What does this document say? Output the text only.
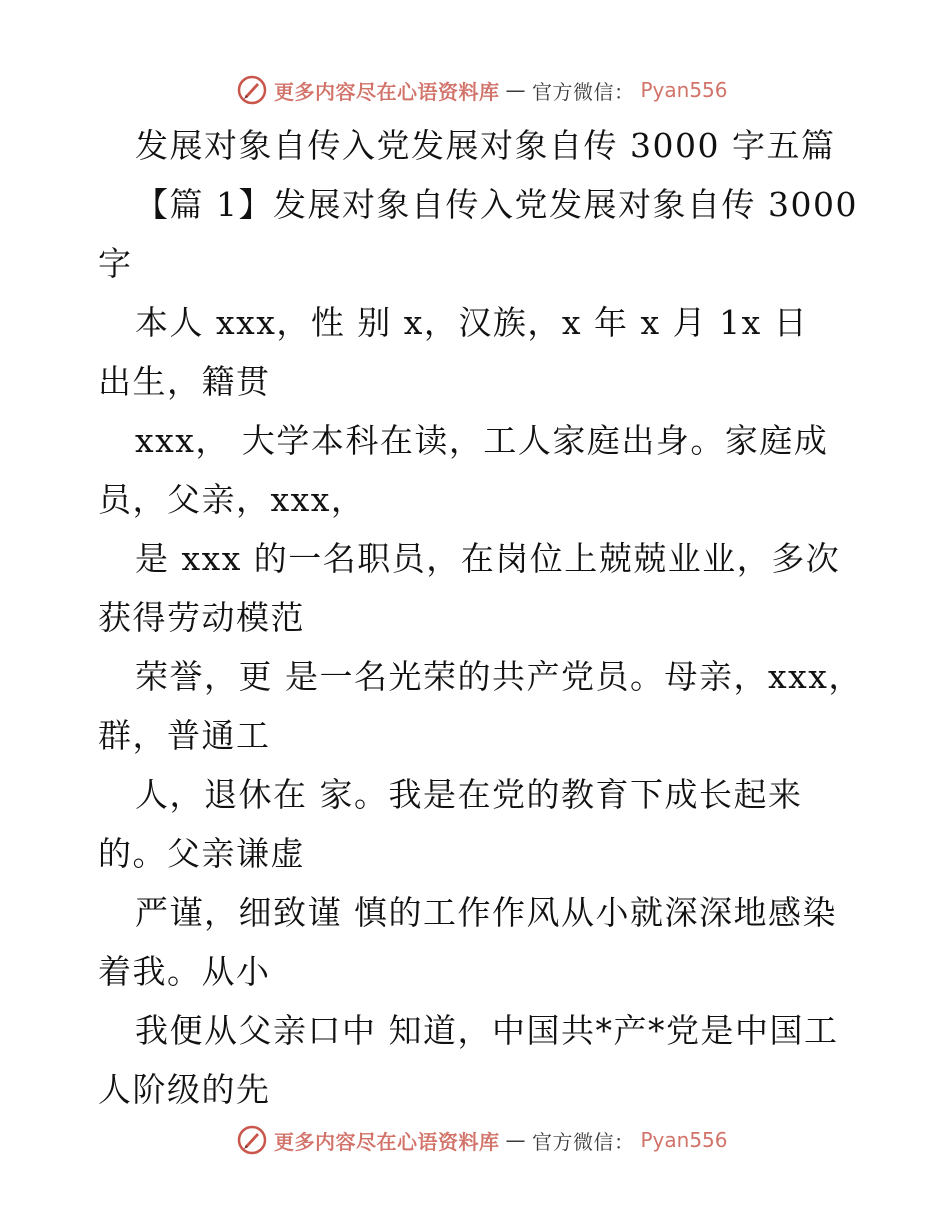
更多内容尽在心语资料库 — 官方微信： Pyan556
发展对象自传入党发展对象自传 3000 字五篇
【篇 1】发展对象自传入党发展对象自传 3000
字
本人 xxx，性 别 x，汉族，x 年 x 月 1x 日
出生，籍贯
xxx， 大学本科在读，工人家庭出身。家庭成
员，父亲，xxx，
是 xxx 的一名职员，在岗位上兢兢业业，多次
获得劳动模范
荣誉，更 是一名光荣的共产党员。母亲，xxx，
群，普通工
人，退休在 家。我是在党的教育下成长起来
的。父亲谦虚
严谨，细致谨 慎的工作作风从小就深深地感染
着我。从小
我便从父亲口中 知道，中国共*产*党是中国工
人阶级的先
更多内容尽在心语资料库 — 官方微信： Pyan556
